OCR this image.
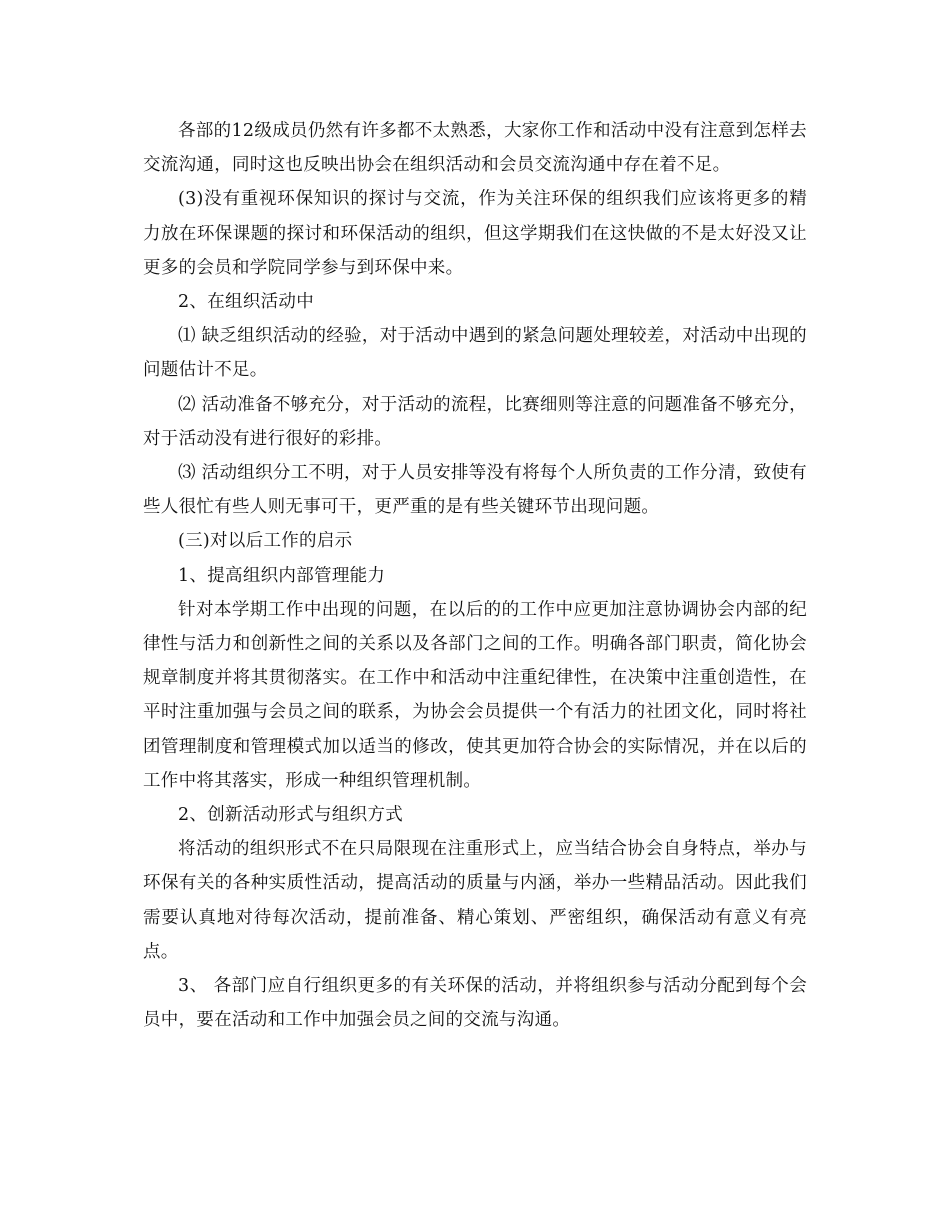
各部的12级成员仍然有许多都不太熟悉，大家你工作和活动中没有注意到怎样去交流沟通，同时这也反映出协会在组织活动和会员交流沟通中存在着不足。

(3)没有重视环保知识的探讨与交流，作为关注环保的组织我们应该将更多的精力放在环保课题的探讨和环保活动的组织，但这学期我们在这快做的不是太好没又让更多的会员和学院同学参与到环保中来。

2、在组织活动中

⑴ 缺乏组织活动的经验，对于活动中遇到的紧急问题处理较差，对活动中出现的问题估计不足。

⑵ 活动准备不够充分，对于活动的流程，比赛细则等注意的问题准备不够充分，对于活动没有进行很好的彩排。

⑶ 活动组织分工不明，对于人员安排等没有将每个人所负责的工作分清，致使有些人很忙有些人则无事可干，更严重的是有些关键环节出现问题。

(三)对以后工作的启示

1、提高组织内部管理能力

针对本学期工作中出现的问题，在以后的的工作中应更加注意协调协会内部的纪律性与活力和创新性之间的关系以及各部门之间的工作。明确各部门职责，简化协会规章制度并将其贯彻落实。在工作中和活动中注重纪律性，在决策中注重创造性，在平时注重加强与会员之间的联系，为协会会员提供一个有活力的社团文化，同时将社团管理制度和管理模式加以适当的修改，使其更加符合协会的实际情况，并在以后的工作中将其落实，形成一种组织管理机制。

2、创新活动形式与组织方式

将活动的组织形式不在只局限现在注重形式上，应当结合协会自身特点，举办与环保有关的各种实质性活动，提高活动的质量与内涵，举办一些精品活动。因此我们需要认真地对待每次活动，提前准备、精心策划、严密组织，确保活动有意义有亮点。

3、 各部门应自行组织更多的有关环保的活动，并将组织参与活动分配到每个会员中，要在活动和工作中加强会员之间的交流与沟通。
